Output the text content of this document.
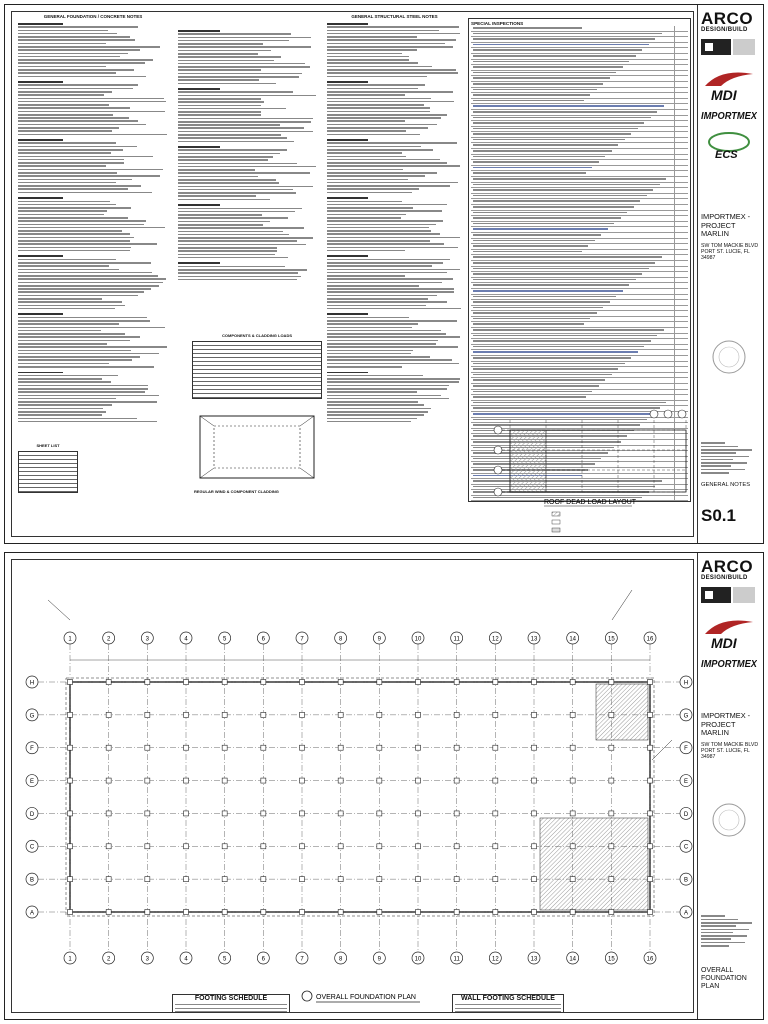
GENERAL FOUNDATION / CONCRETE NOTES	GENERAL STRUCTURAL STEEL NOTES
SHEET LIST
COMPONENTS & CLADDING LOADS
REGULAR WIND & COMPONENT CLADDING
SPECIAL INSPECTIONS
ROOF DEAD LOAD LAYOUT
ARCO
DESIGN/BUILD

MDI

IMPORTMEX

ECS
IMPORTMEX -
PROJECT
MARLIN
SW TOM MACKIE BLVD
PORT ST. LUCIE, FL
34987
GENERAL NOTES
S0.1
1
1
2
2
3
3
4
4
5
5
6
6
7
7
8
8
9
9
10
10
11
11
12
12
13
13
14
14
15
15
16
16
A	A
B	B
C	C
D	D
E	E
F	F
G	G
H	H
OVERALL FOUNDATION PLAN
FOOTING SCHEDULE	WALL FOOTING SCHEDULE
ARCO
DESIGN/BUILD

MDI

IMPORTMEX
IMPORTMEX -
PROJECT
MARLIN
SW TOM MACKIE BLVD
PORT ST. LUCIE, FL
34987
OVERALL
FOUNDATION PLAN
